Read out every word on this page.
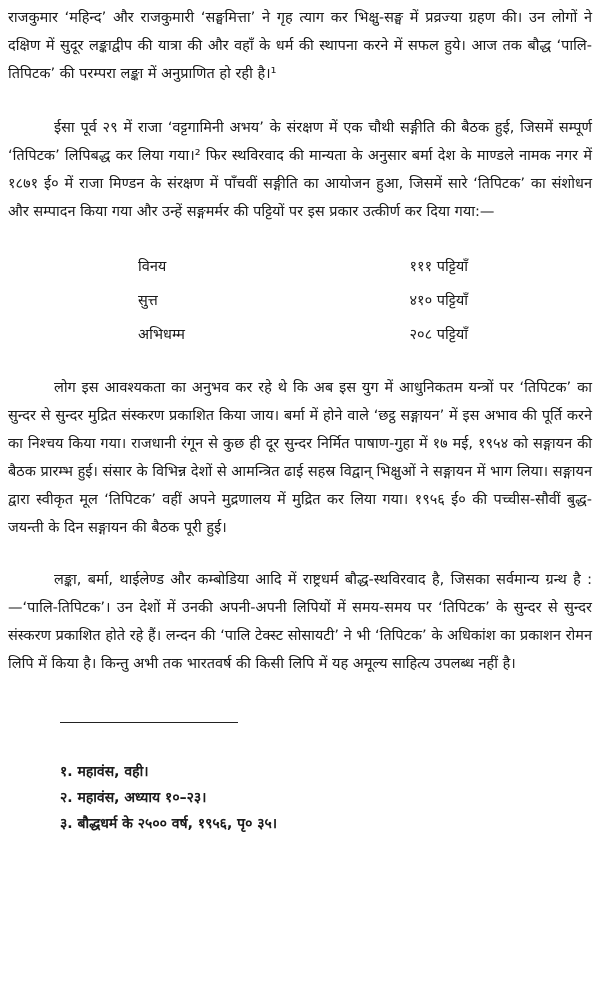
राजकुमार ‘महिन्द’ और राजकुमारी ‘सङ्घमित्ता’ ने गृह त्याग कर भिक्षु-सङ्घ में प्रव्रज्या ग्रहण की। उन लोगों ने दक्षिण में सुदूर लङ्काद्वीप की यात्रा की और वहाँ के धर्म की स्थापना करने में सफल हुये। आज तक बौद्ध ‘पालि-तिपिटक’ की परम्परा लङ्का में अनुप्राणित हो रही है।¹

ईसा पूर्व २९ में राजा ‘वट्टगामिनी अभय’ के संरक्षण में एक चौथी सङ्गीति की बैठक हुई, जिसमें सम्पूर्ण ‘तिपिटक’ लिपिबद्ध कर लिया गया।² फिर स्थविरवाद की मान्यता के अनुसार बर्मा देश के माण्डले नामक नगर में १८७१ ई० में राजा मिण्डन के संरक्षण में पाँचवीं सङ्गीति का आयोजन हुआ, जिसमें सारे ‘तिपिटक’ का संशोधन और सम्पादन किया गया और उन्हें सङ्गमर्मर की पट्टियों पर इस प्रकार उत्कीर्ण कर दिया गया:—

विनय	१११ पट्टियाँ
सुत्त	४१० पट्टियाँ
अभिधम्म	२०८ पट्टियाँ

लोग इस आवश्यकता का अनुभव कर रहे थे कि अब इस युग में आधुनिकतम यन्त्रों पर ‘तिपिटक’ का सुन्दर से सुन्दर मुद्रित संस्करण प्रकाशित किया जाय। बर्मा में होने वाले ‘छट्ठ सङ्गायन’ में इस अभाव की पूर्ति करने का निश्चय किया गया। राजधानी रंगून से कुछ ही दूर सुन्दर निर्मित पाषाण-गुहा में १७ मई, १९५४ को सङ्गायन की बैठक प्रारम्भ हुई। संसार के विभिन्न देशों से आमन्त्रित ढाई सहस्र विद्वान् भिक्षुओं ने सङ्गायन में भाग लिया। सङ्गायन द्वारा स्वीकृत मूल ‘तिपिटक’ वहीं अपने मुद्रणालय में मुद्रित कर लिया गया। १९५६ ई० की पच्चीस-सौवीं बुद्ध-जयन्ती के दिन सङ्गायन की बैठक पूरी हुई।

लङ्का, बर्मा, थाईलेण्ड और कम्बोडिया आदि में राष्ट्रधर्म बौद्ध-स्थविरवाद है, जिसका सर्वमान्य ग्रन्थ है :—‘पालि-तिपिटक’। उन देशों में उनकी अपनी-अपनी लिपियों में समय-समय पर ‘तिपिटक’ के सुन्दर से सुन्दर संस्करण प्रकाशित होते रहे हैं। लन्दन की ‘पालि टेक्स्ट सोसायटी’ ने भी ‘तिपिटक’ के अधिकांश का प्रकाशन रोमन लिपि में किया है। किन्तु अभी तक भारतवर्ष की किसी लिपि में यह अमूल्य साहित्य उपलब्ध नहीं है।

१. महावंस, वही।
२. महावंस, अध्याय १०–२३।
३. बौद्धधर्म के २५०० वर्ष, १९५६, पृ० ३५।
